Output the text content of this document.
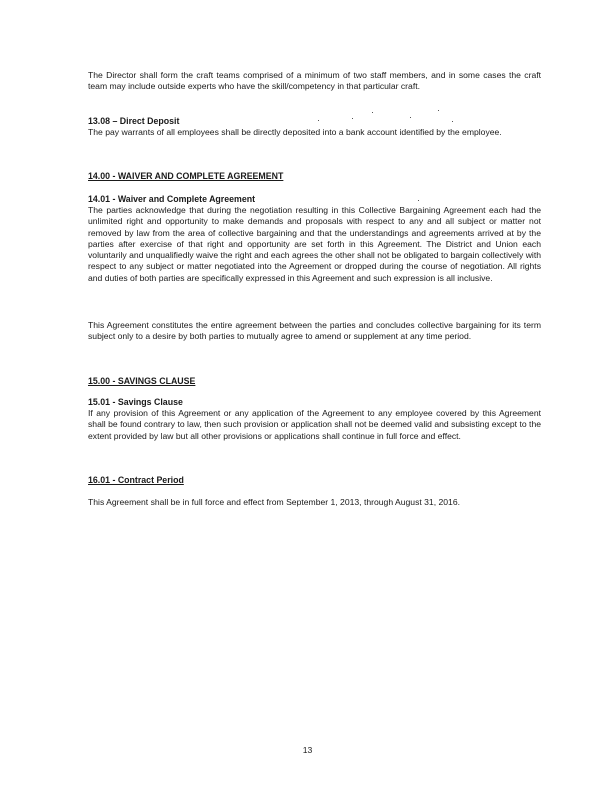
The Director shall form the craft teams comprised of a minimum of two staff members, and in some cases the craft team may include outside experts who have the skill/competency in that particular craft.

13.08 – Direct Deposit

The pay warrants of all employees shall be directly deposited into a bank account identified by the employee.

14.00 - WAIVER AND COMPLETE AGREEMENT

14.01 - Waiver and Complete Agreement

The parties acknowledge that during the negotiation resulting in this Collective Bargaining Agreement each had the unlimited right and opportunity to make demands and proposals with respect to any and all subject or matter not removed by law from the area of collective bargaining and that the understandings and agreements arrived at by the parties after exercise of that right and opportunity are set forth in this Agreement. The District and Union each voluntarily and unqualifiedly waive the right and each agrees the other shall not be obligated to bargain collectively with respect to any subject or matter negotiated into the Agreement or dropped during the course of negotiation. All rights and duties of both parties are specifically expressed in this Agreement and such expression is all inclusive.

This Agreement constitutes the entire agreement between the parties and concludes collective bargaining for its term subject only to a desire by both parties to mutually agree to amend or supplement at any time period.

15.00 - SAVINGS CLAUSE

15.01 - Savings Clause

If any provision of this Agreement or any application of the Agreement to any employee covered by this Agreement shall be found contrary to law, then such provision or application shall not be deemed valid and subsisting except to the extent provided by law but all other provisions or applications shall continue in full force and effect.

16.01 - Contract Period

This Agreement shall be in full force and effect from September 1, 2013, through August 31, 2016.

13
